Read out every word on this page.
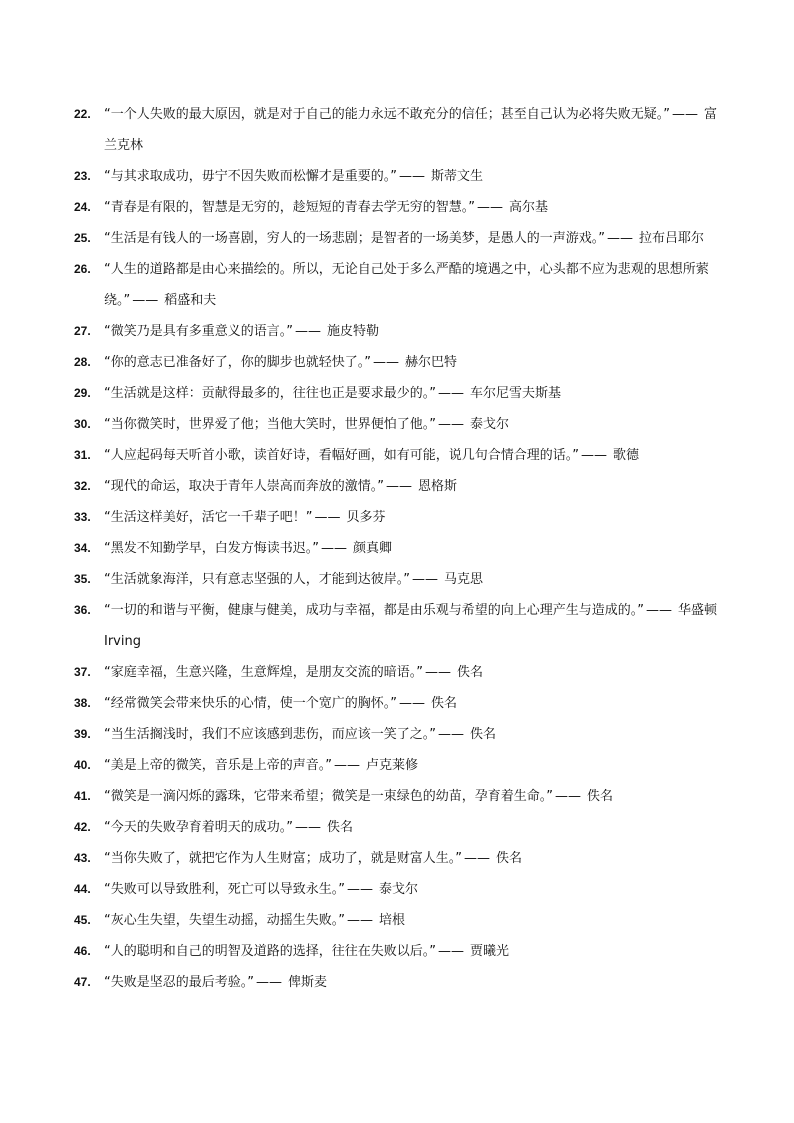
22. “一个人失败的最大原因，就是对于自己的能力永远不敢充分的信任；甚至自己认为必将失败无疑。” —— 富兰克林
23. “与其求取成功，毋宁不因失败而松懈才是重要的。” —— 斯蒂文生
24. “青春是有限的，智慧是无穷的，趁短短的青春去学无穷的智慧。” —— 高尔基
25. “生活是有钱人的一场喜剧，穷人的一场悲剧；是智者的一场美梦，是愚人的一声游戏。” —— 拉布吕耶尔
26. “人生的道路都是由心来描绘的。所以，无论自己处于多么严酷的境遇之中，心头都不应为悲观的思想所萦绕。” —— 稻盛和夫
27. “微笑乃是具有多重意义的语言。” —— 施皮特勒
28. “你的意志已准备好了，你的脚步也就轻快了。” —— 赫尔巴特
29. “生活就是这样：贡献得最多的，往往也正是要求最少的。” —— 车尔尼雪夫斯基
30. “当你微笑时，世界爱了他；当他大笑时，世界便怕了他。” —— 泰戈尔
31. “人应起码每天听首小歌，读首好诗，看幅好画，如有可能，说几句合情合理的话。” —— 歌德
32. “现代的命运，取决于青年人崇高而奔放的激情。” —— 恩格斯
33. “生活这样美好，活它一千辈子吧！” —— 贝多芬
34. “黑发不知勤学早，白发方悔读书迟。” —— 颜真卿
35. “生活就象海洋，只有意志坚强的人，才能到达彼岸。” —— 马克思
36. “一切的和谐与平衡，健康与健美，成功与幸福，都是由乐观与希望的向上心理产生与造成的。” —— 华盛顿 Irving
37. “家庭幸福，生意兴隆，生意辉煌，是朋友交流的暗语。” —— 佚名
38. “经常微笑会带来快乐的心情，使一个宽广的胸怀。” —— 佚名
39. “当生活搁浅时，我们不应该感到悲伤，而应该一笑了之。” —— 佚名
40. “美是上帝的微笑，音乐是上帝的声音。” —— 卢克莱修
41. “微笑是一滴闪烁的露珠，它带来希望；微笑是一束绿色的幼苗，孕育着生命。” —— 佚名
42. “今天的失败孕育着明天的成功。” —— 佚名
43. “当你失败了，就把它作为人生财富；成功了，就是财富人生。” —— 佚名
44. “失败可以导致胜利，死亡可以导致永生。” —— 泰戈尔
45. “灰心生失望，失望生动摇，动摇生失败。” —— 培根
46. “人的聪明和自己的明智及道路的选择，往往在失败以后。” —— 贾曦光
47. “失败是坚忍的最后考验。” —— 俾斯麦
